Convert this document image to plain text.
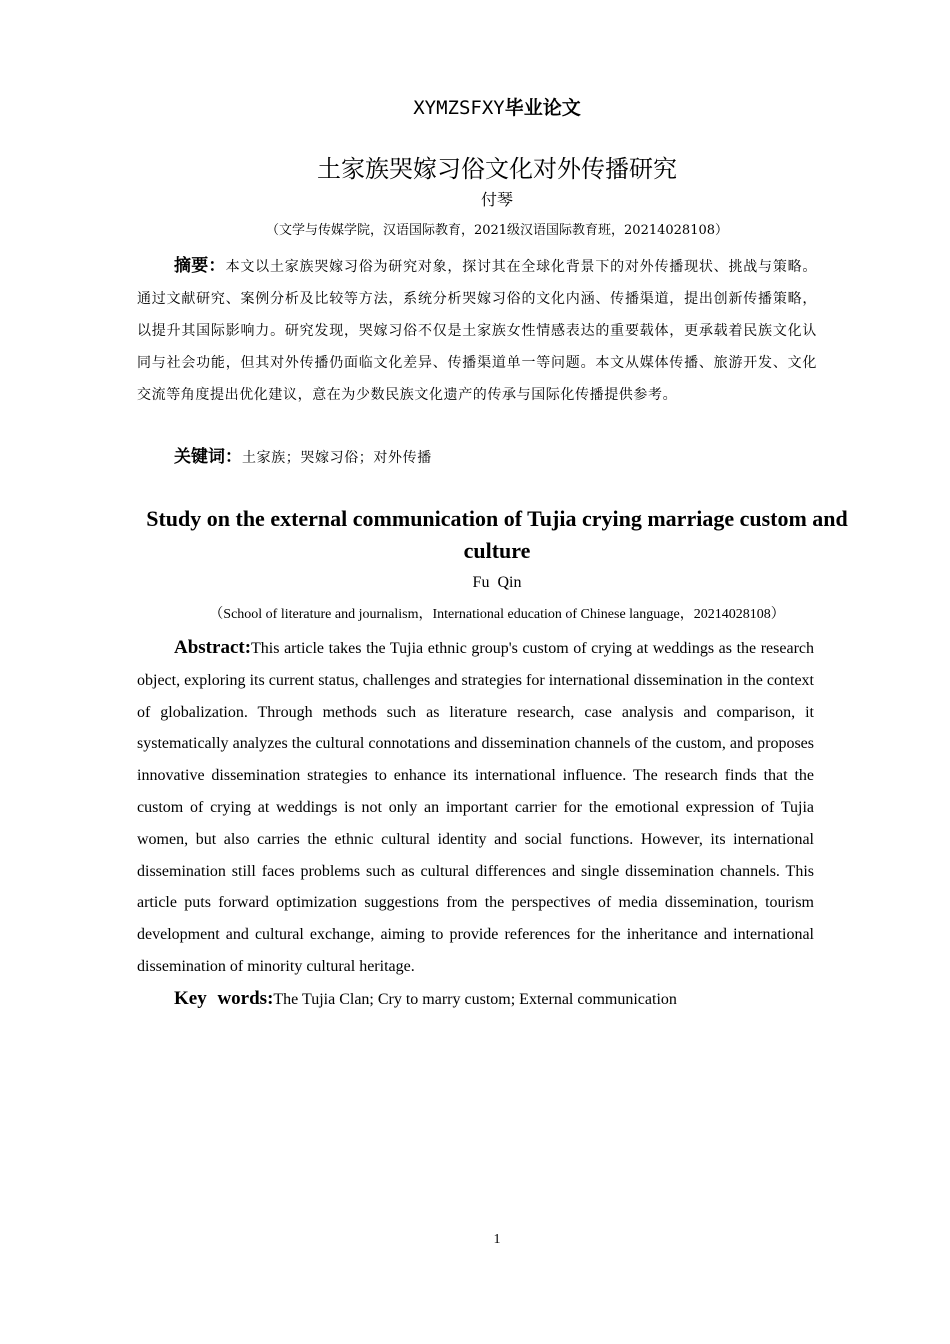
XYMZSFXY毕业论文
土家族哭嫁习俗文化对外传播研究
付琴
（文学与传媒学院，汉语国际教育，2021级汉语国际教育班，20214028108）
摘要：本文以土家族哭嫁习俗为研究对象，探讨其在全球化背景下的对外传播现状、挑战与策略。通过文献研究、案例分析及比较等方法，系统分析哭嫁习俗的文化内涵、传播渠道，提出创新传播策略，以提升其国际影响力。研究发现，哭嫁习俗不仅是土家族女性情感表达的重要载体，更承载着民族文化认同与社会功能，但其对外传播仍面临文化差异、传播渠道单一等问题。本文从媒体传播、旅游开发、文化交流等角度提出优化建议，意在为少数民族文化遗产的传承与国际化传播提供参考。
关键词：土家族；哭嫁习俗；对外传播
Study on the external communication of Tujia crying marriage custom and culture
Fu Qin
（School of literature and journalism，International education of Chinese language，20214028108）
Abstract:This article takes the Tujia ethnic group's custom of crying at weddings as the research object, exploring its current status, challenges and strategies for international dissemination in the context of globalization. Through methods such as literature research, case analysis and comparison, it systematically analyzes the cultural connotations and dissemination channels of the custom, and proposes innovative dissemination strategies to enhance its international influence. The research finds that the custom of crying at weddings is not only an important carrier for the emotional expression of Tujia women, but also carries the ethnic cultural identity and social functions. However, its international dissemination still faces problems such as cultural differences and single dissemination channels. This article puts forward optimization suggestions from the perspectives of media dissemination, tourism development and cultural exchange, aiming to provide references for the inheritance and international dissemination of minority cultural heritage.
Key words:The Tujia Clan; Cry to marry custom; External communication
1
